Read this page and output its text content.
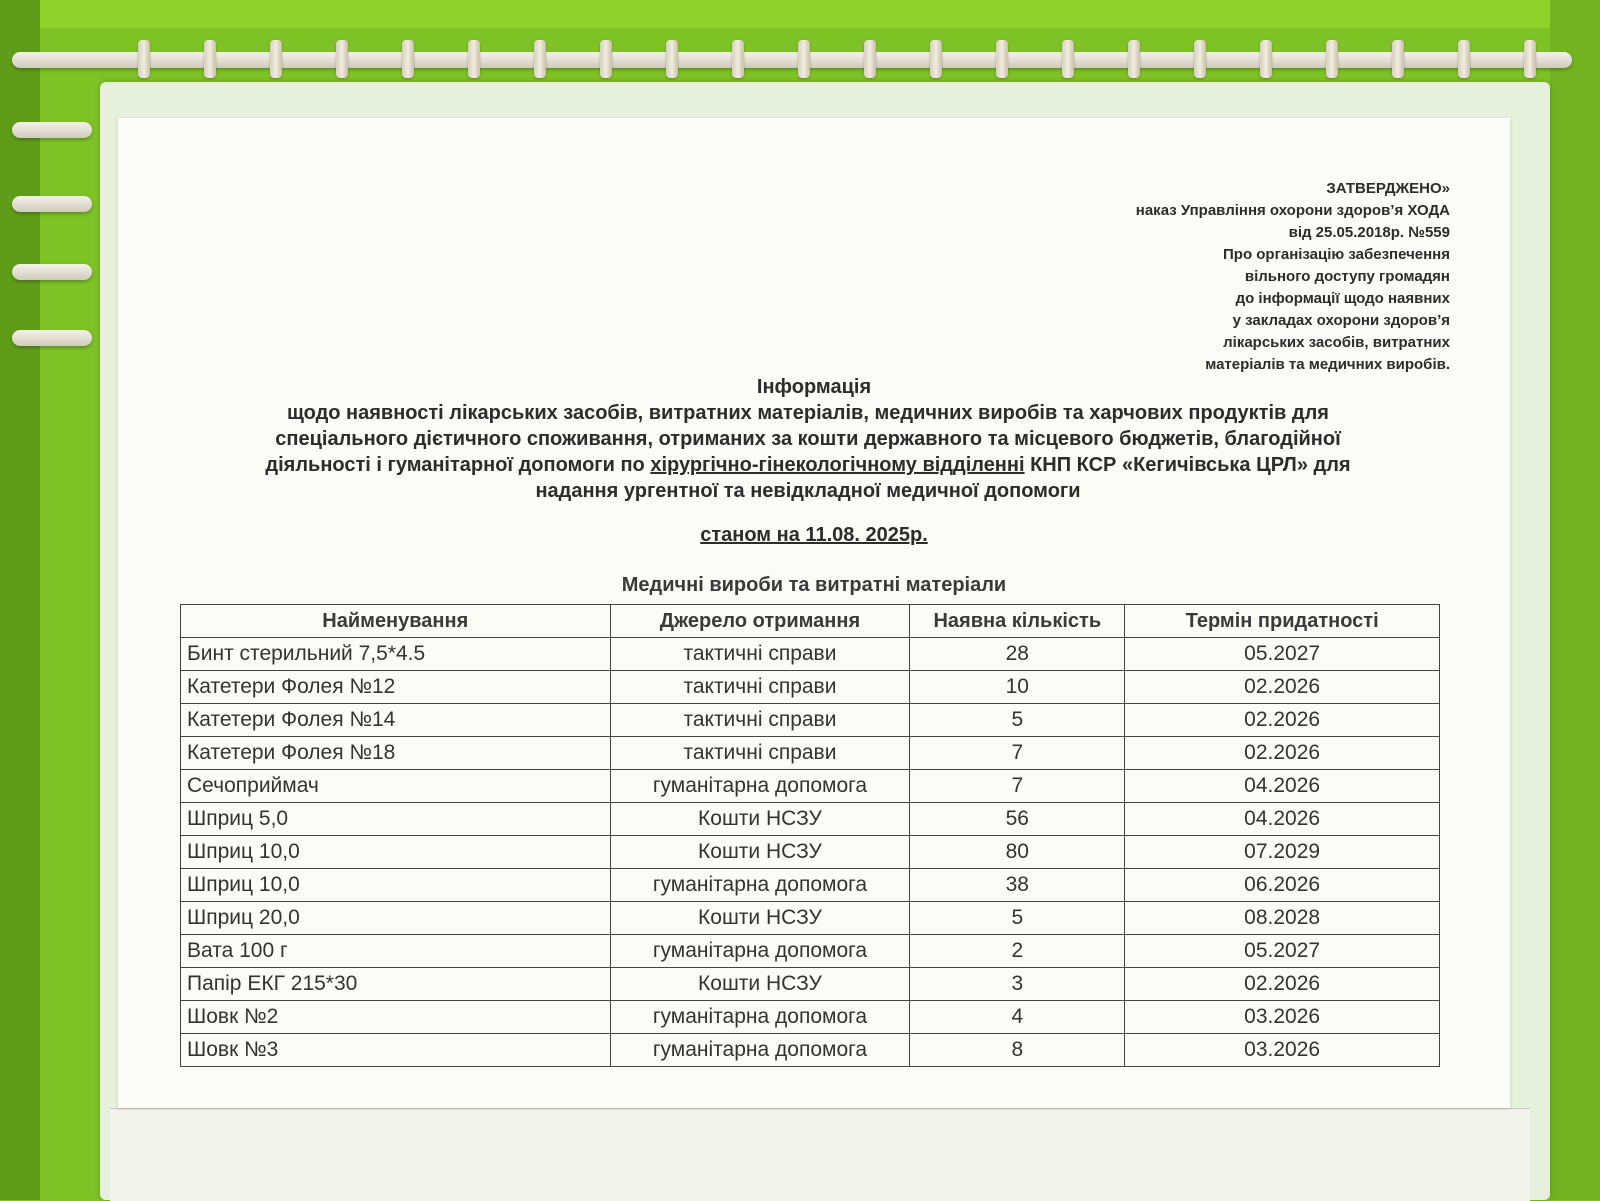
ЗАТВЕРДЖЕНО»
наказ Управління охорони здоров’я ХОДА
від 25.05.2018р. №559
Про організацію забезпечення
вільного доступу громадян
до інформації щодо наявних
у закладах охорони здоров’я
лікарських засобів, витратних
матеріалів та медичних виробів.
Інформація
щодо наявності лікарських засобів, витратних матеріалів, медичних виробів та харчових продуктів для
спеціального дієтичного споживання, отриманих за кошти державного та місцевого бюджетів, благодійної
діяльності і гуманітарної допомоги по хірургічно-гінекологічному відділенні КНП КСР «Кегичівська ЦРЛ» для
надання ургентної та невідкладної медичної допомоги
станом на 11.08. 2025р.
Медичні вироби та витратні матеріали
Найменування	Джерело отримання	Наявна кількість	Термін придатності
Бинт стерильний 7,5*4.5	тактичні справи	28	05.2027
Катетери Фолея №12	тактичні справи	10	02.2026
Катетери Фолея №14	тактичні справи	5	02.2026
Катетери Фолея №18	тактичні справи	7	02.2026
Сечоприймач	гуманітарна допомога	7	04.2026
Шприц 5,0	Кошти НСЗУ	56	04.2026
Шприц 10,0	Кошти НСЗУ	80	07.2029
Шприц 10,0	гуманітарна допомога	38	06.2026
Шприц 20,0	Кошти НСЗУ	5	08.2028
Вата 100 г	гуманітарна допомога	2	05.2027
Папір ЕКГ 215*30	Кошти НСЗУ	3	02.2026
Шовк №2	гуманітарна допомога	4	03.2026
Шовк №3	гуманітарна допомога	8	03.2026
